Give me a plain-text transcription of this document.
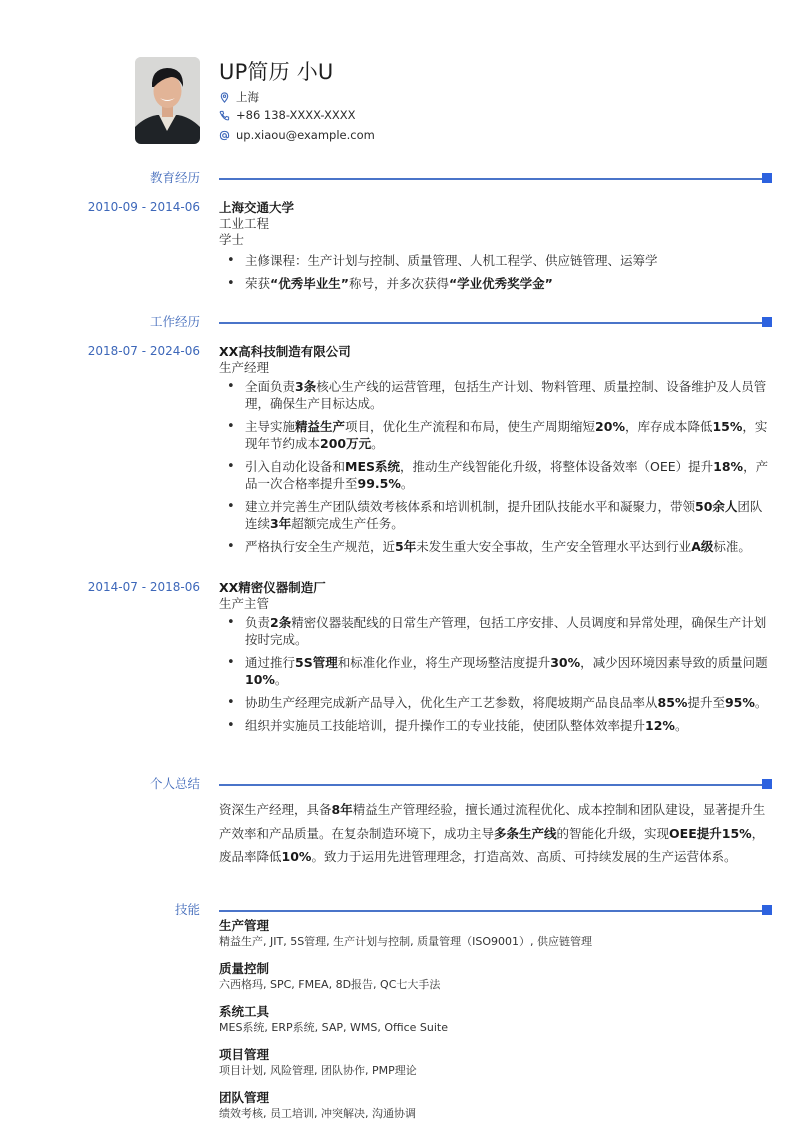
UP简历 小U
上海
+86 138-XXXX-XXXX
up.xiaou@example.com
教育经历
2010-09 - 2014-06 上海交通大学
工业工程
学士
• 主修课程：生产计划与控制、质量管理、人机工程学、供应链管理、运筹学
• 荣获“优秀毕业生”称号，并多次获得“学业优秀奖学金”
工作经历
2018-07 - 2024-06 XX高科技制造有限公司
生产经理
• 全面负责3条核心生产线的运营管理，包括生产计划、物料管理、质量控制、设备维护及人员管理，确保生产目标达成。
• 主导实施精益生产项目，优化生产流程和布局，使生产周期缩短20%，库存成本降低15%，实现年节约成本200万元。
• 引入自动化设备和MES系统，推动生产线智能化升级，将整体设备效率（OEE）提升18%，产品一次合格率提升至99.5%。
• 建立并完善生产团队绩效考核体系和培训机制，提升团队技能水平和凝聚力，带领50余人团队连续3年超额完成生产任务。
• 严格执行安全生产规范，近5年未发生重大安全事故，生产安全管理水平达到行业A级标准。
2014-07 - 2018-06 XX精密仪器制造厂
生产主管
• 负责2条精密仪器装配线的日常生产管理，包括工序安排、人员调度和异常处理，确保生产计划按时完成。
• 通过推行5S管理和标准化作业，将生产现场整洁度提升30%，减少因环境因素导致的质量问题10%。
• 协助生产经理完成新产品导入，优化生产工艺参数，将爬坡期产品良品率从85%提升至95%。
• 组织并实施员工技能培训，提升操作工的专业技能，使团队整体效率提升12%。
个人总结
资深生产经理，具备8年精益生产管理经验，擅长通过流程优化、成本控制和团队建设，显著提升生产效率和产品质量。在复杂制造环境下，成功主导多条生产线的智能化升级，实现OEE提升15%，废品率降低10%。致力于运用先进管理理念，打造高效、高质、可持续发展的生产运营体系。
技能
生产管理
精益生产, JIT, 5S管理, 生产计划与控制, 质量管理（ISO9001）, 供应链管理
质量控制
六西格玛, SPC, FMEA, 8D报告, QC七大手法
系统工具
MES系统, ERP系统, SAP, WMS, Office Suite
项目管理
项目计划, 风险管理, 团队协作, PMP理论
团队管理
绩效考核, 员工培训, 冲突解决, 沟通协调
